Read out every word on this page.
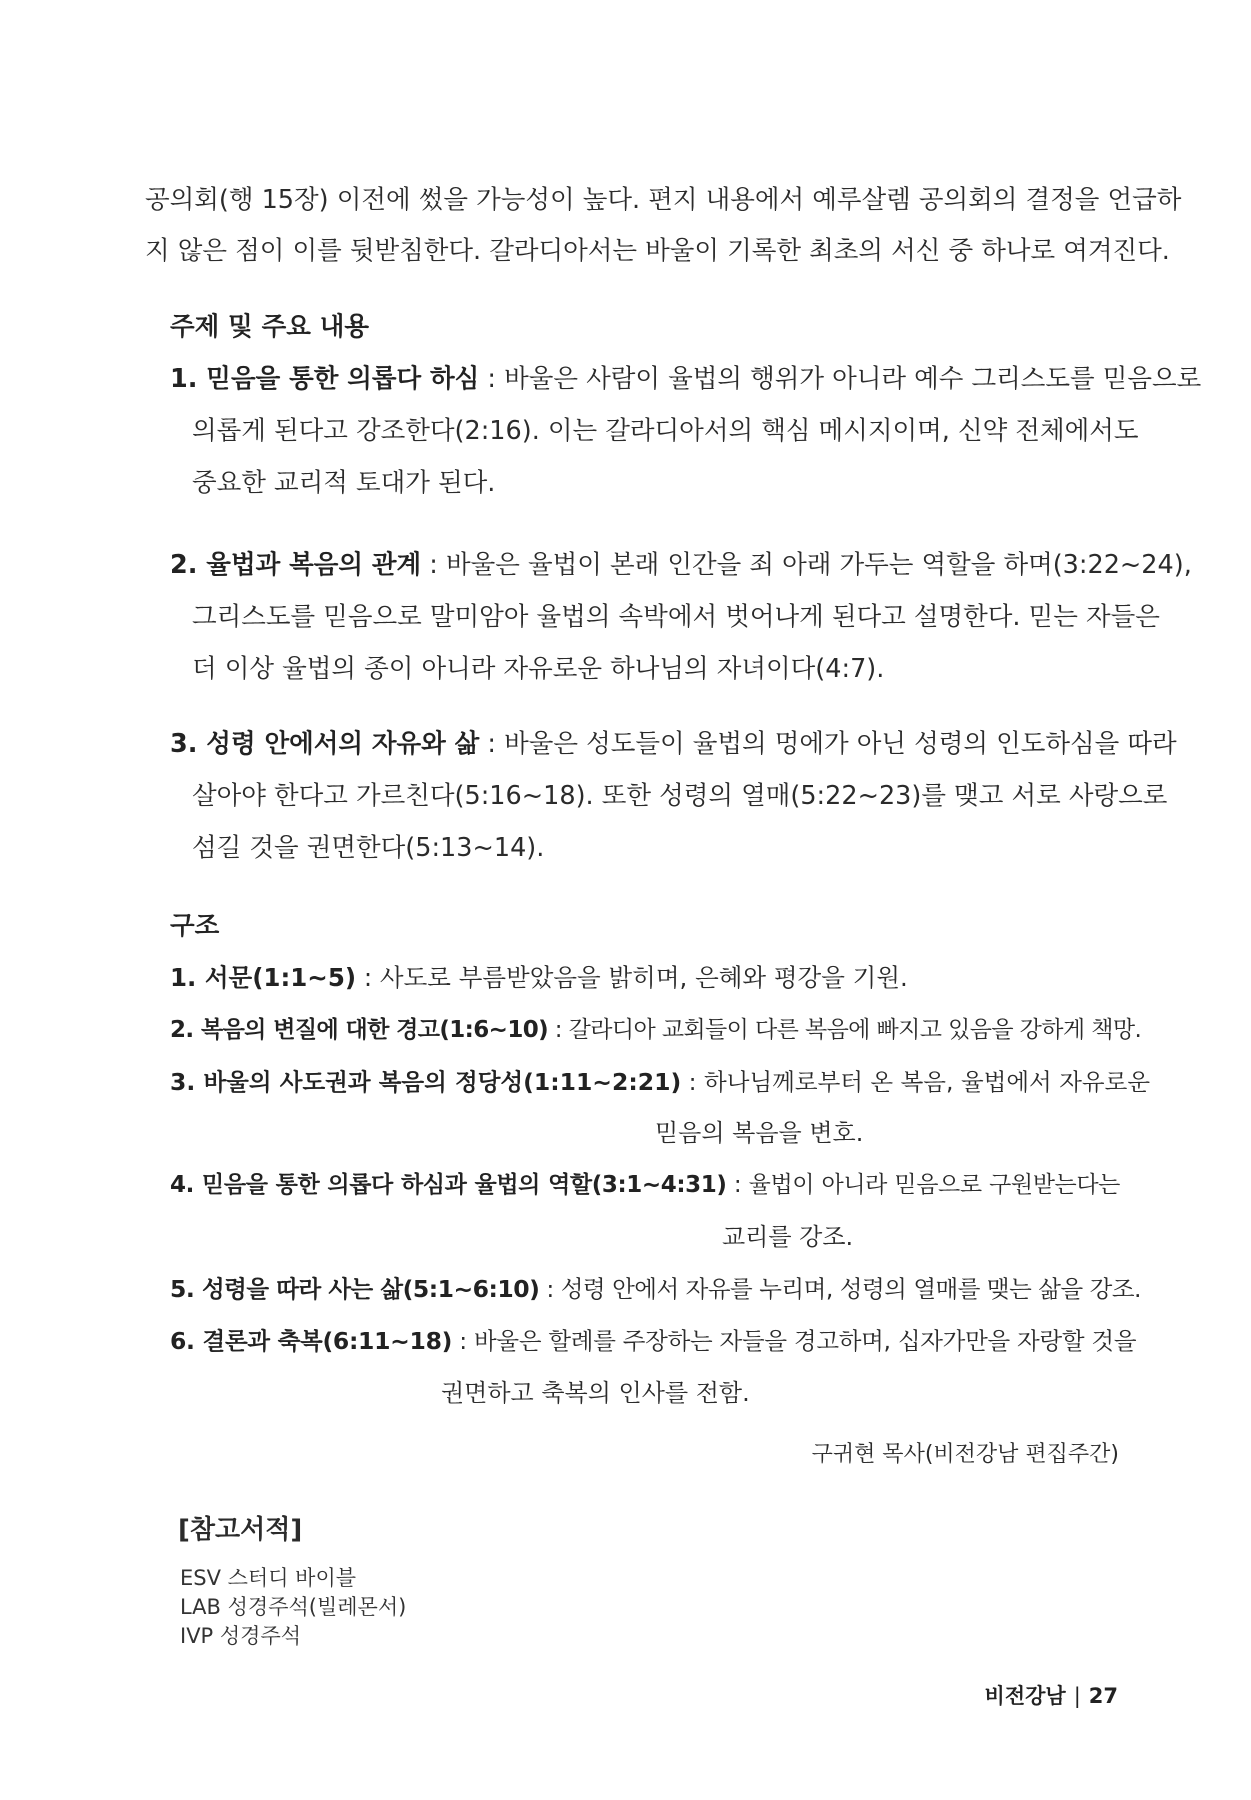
공의회(행 15장) 이전에 썼을 가능성이 높다. 편지 내용에서 예루살렘 공의회의 결정을 언급하
지 않은 점이 이를 뒷받침한다. 갈라디아서는 바울이 기록한 최초의 서신 중 하나로 여겨진다.
주제 및 주요 내용
1. 믿음을 통한 의롭다 하심 : 바울은 사람이 율법의 행위가 아니라 예수 그리스도를 믿음으로
의롭게 된다고 강조한다(2:16). 이는 갈라디아서의 핵심 메시지이며, 신약 전체에서도
중요한 교리적 토대가 된다.
2. 율법과 복음의 관계 : 바울은 율법이 본래 인간을 죄 아래 가두는 역할을 하며(3:22~24),
그리스도를 믿음으로 말미암아 율법의 속박에서 벗어나게 된다고 설명한다. 믿는 자들은
더 이상 율법의 종이 아니라 자유로운 하나님의 자녀이다(4:7).
3. 성령 안에서의 자유와 삶 : 바울은 성도들이 율법의 멍에가 아닌 성령의 인도하심을 따라
살아야 한다고 가르친다(5:16~18). 또한 성령의 열매(5:22~23)를 맺고 서로 사랑으로
섬길 것을 권면한다(5:13~14).
구조
1. 서문(1:1~5) : 사도로 부름받았음을 밝히며, 은혜와 평강을 기원.
2. 복음의 변질에 대한 경고(1:6~10) : 갈라디아 교회들이 다른 복음에 빠지고 있음을 강하게 책망.
3. 바울의 사도권과 복음의 정당성(1:11~2:21) : 하나님께로부터 온 복음, 율법에서 자유로운
믿음의 복음을 변호.
4. 믿음을 통한 의롭다 하심과 율법의 역할(3:1~4:31) : 율법이 아니라 믿음으로 구원받는다는
교리를 강조.
5. 성령을 따라 사는 삶(5:1~6:10) : 성령 안에서 자유를 누리며, 성령의 열매를 맺는 삶을 강조.
6. 결론과 축복(6:11~18) : 바울은 할례를 주장하는 자들을 경고하며, 십자가만을 자랑할 것을
권면하고 축복의 인사를 전함.
구귀현 목사(비전강남 편집주간)
[참고서적]
ESV 스터디 바이블
LAB 성경주석(빌레몬서)
IVP 성경주석
비전강남 | 27
